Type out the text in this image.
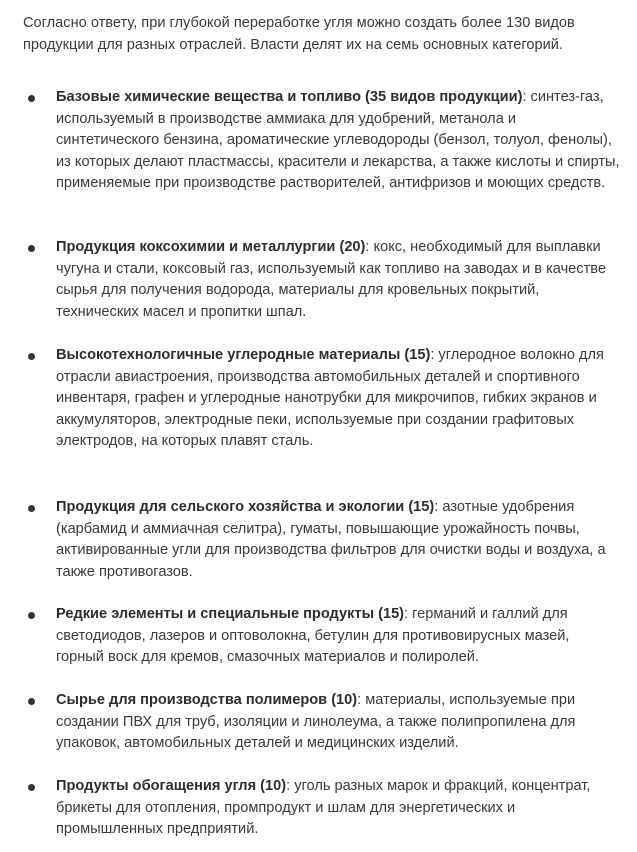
Согласно ответу, при глубокой переработке угля можно создать более 130 видов продукции для разных отраслей. Власти делят их на семь основных категорий.

Базовые химические вещества и топливо (35 видов продукции): синтез-газ, используемый в производстве аммиака для удобрений, метанола и синтетического бензина, ароматические углеводороды (бензол, толуол, фенолы), из которых делают пластмассы, красители и лекарства, а также кислоты и спирты, применяемые при производстве растворителей, антифризов и моющих средств.

Продукция коксохимии и металлургии (20): кокс, необходимый для выплавки чугуна и стали, коксовый газ, используемый как топливо на заводах и в качестве сырья для получения водорода, материалы для кровельных покрытий, технических масел и пропитки шпал.

Высокотехнологичные углеродные материалы (15): углеродное волокно для отрасли авиастроения, производства автомобильных деталей и спортивного инвентаря, графен и углеродные нанотрубки для микрочипов, гибких экранов и аккумуляторов, электродные пеки, используемые при создании графитовых электродов, на которых плавят сталь.

Продукция для сельского хозяйства и экологии (15): азотные удобрения (карбамид и аммиачная селитра), гуматы, повышающие урожайность почвы, активированные угли для производства фильтров для очистки воды и воздуха, а также противогазов.

Редкие элементы и специальные продукты (15): германий и галлий для светодиодов, лазеров и оптоволокна, бетулин для противовирусных мазей, горный воск для кремов, смазочных материалов и полиролей.

Сырье для производства полимеров (10): материалы, используемые при создании ПВХ для труб, изоляции и линолеума, а также полипропилена для упаковок, автомобильных деталей и медицинских изделий.

Продукты обогащения угля (10): уголь разных марок и фракций, концентрат, брикеты для отопления, промпродукт и шлам для энергетических и промышленных предприятий.
